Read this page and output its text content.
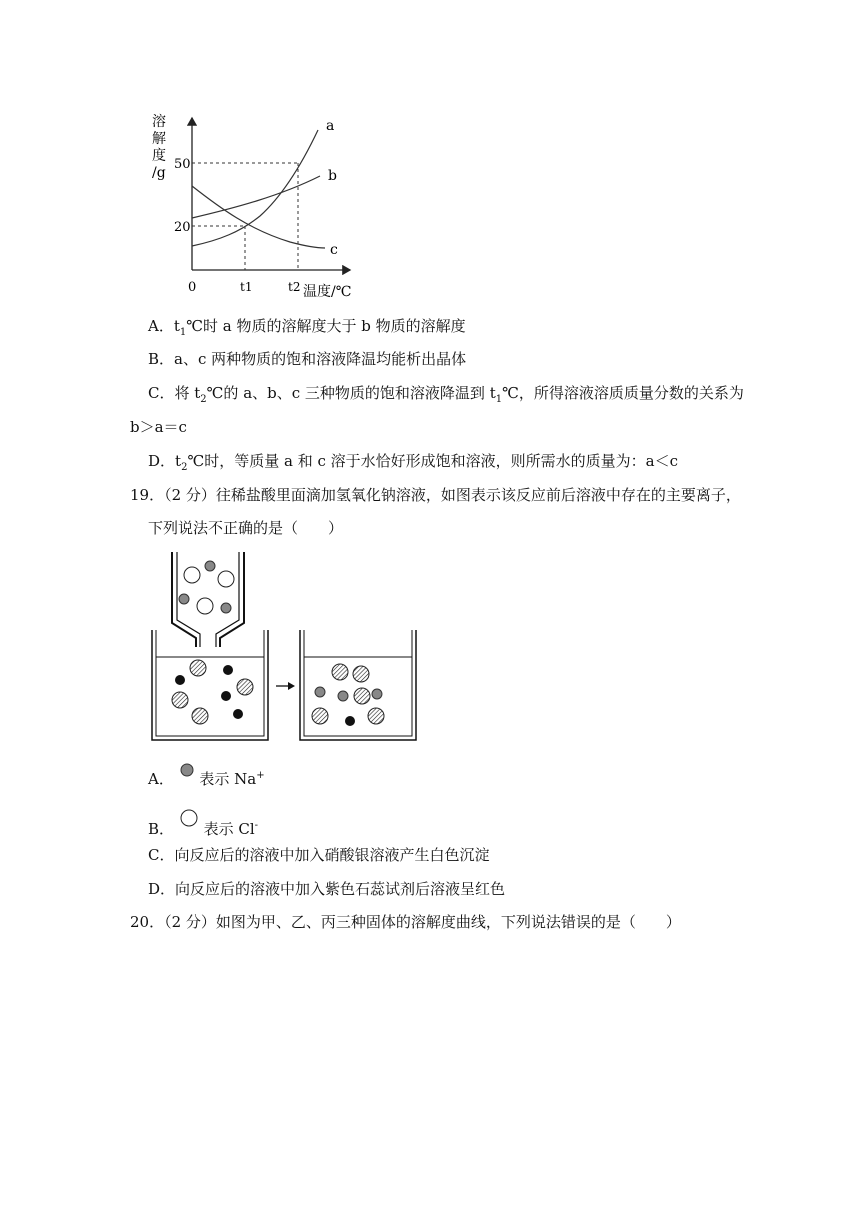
溶
解
度
/g
50
20
0	t1	t2 温度/℃
a
b
c
A．$t_1℃$时 a 物质的溶解度大于 b 物质的溶解度
B．a、c 两种物质的饱和溶液降温均能析出晶体
C．将 $t_2℃$的 a、b、c 三种物质的饱和溶液降温到 $t_1℃$，所得溶液溶质质量分数的关系为
b＞a＝c
D．$t_2℃$时，等质量 a 和 c 溶于水恰好形成饱和溶液，则所需水的质量为：a＜c
19．（2 分）往稀盐酸里面滴加氢氧化钠溶液，如图表示该反应前后溶液中存在的主要离子，
下列说法不正确的是（　　）
A． 表示 Na+
B． 表示 Cl-
C．向反应后的溶液中加入硝酸银溶液产生白色沉淀
D．向反应后的溶液中加入紫色石蕊试剂后溶液呈红色
20．（2 分）如图为甲、乙、丙三种固体的溶解度曲线，下列说法错误的是（　　）
